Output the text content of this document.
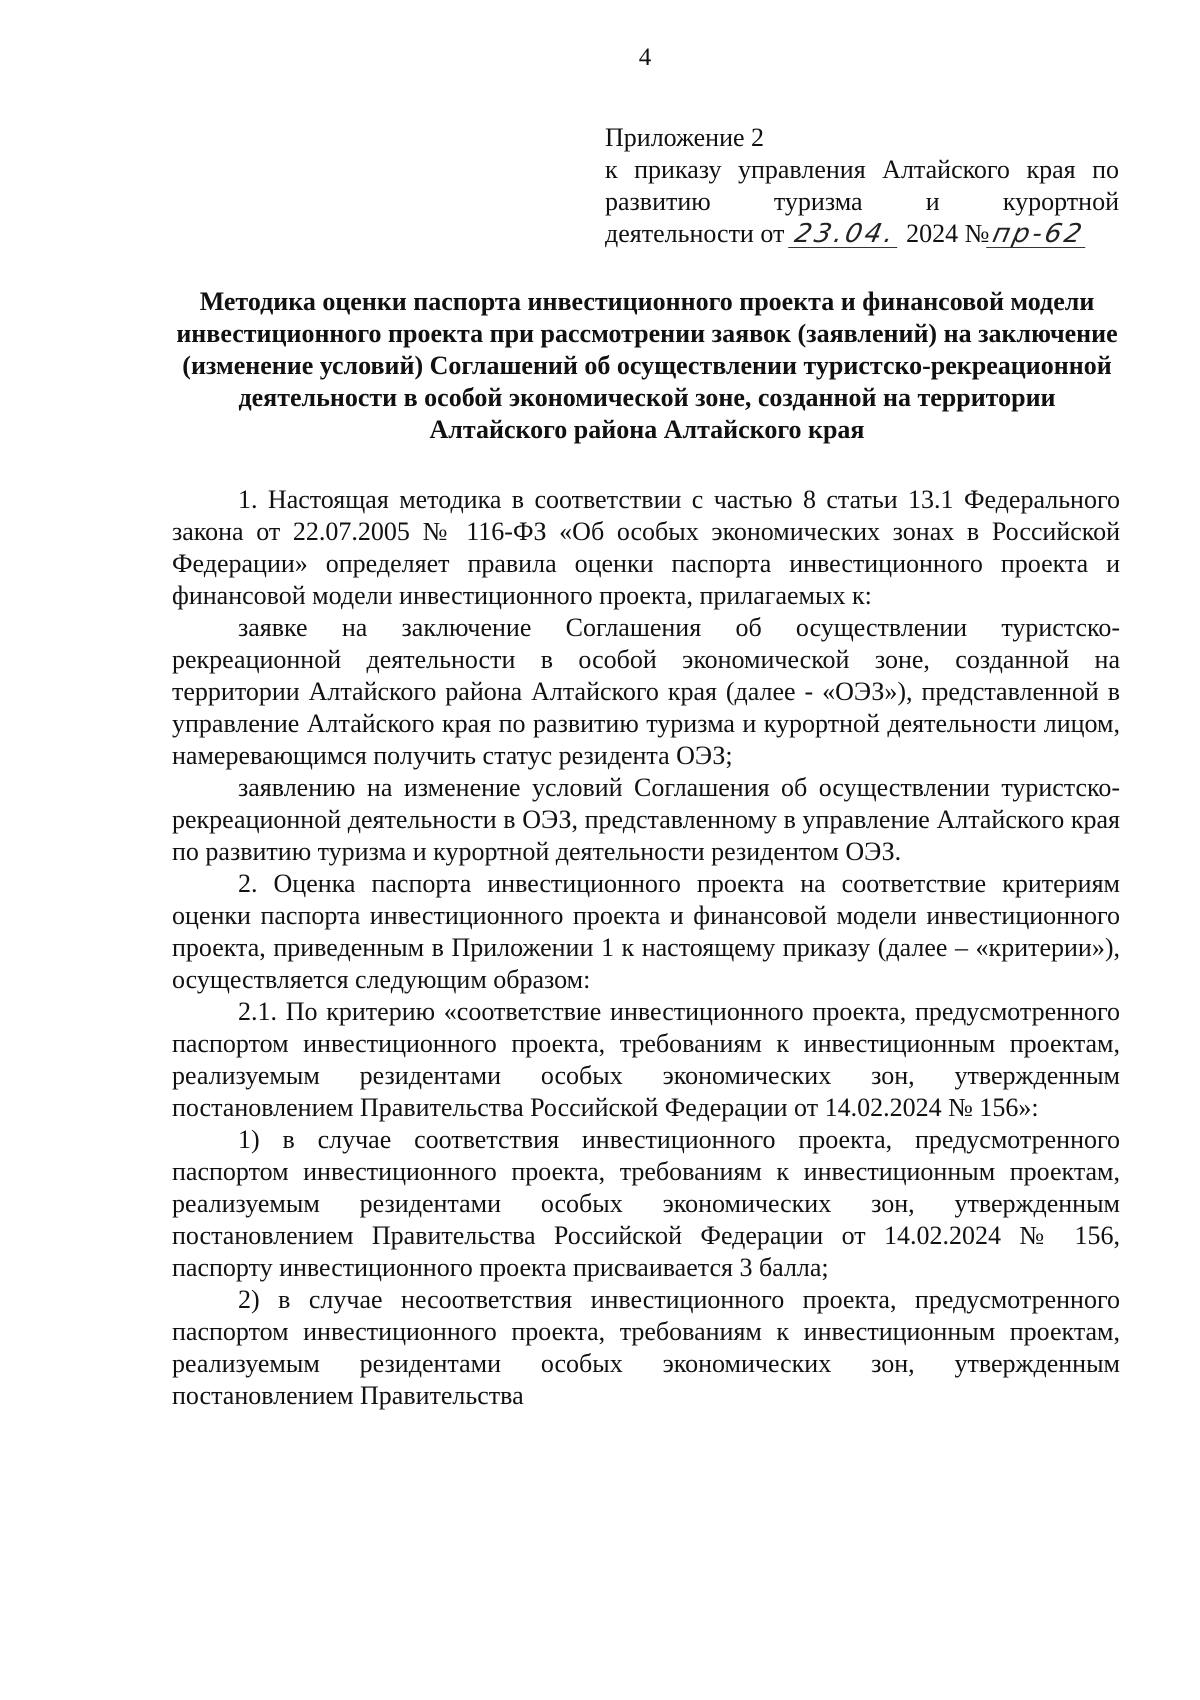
4
Приложение 2
к приказу управления Алтайского края по развитию туризма и курортной
деятельности от 23.04. 2024 №пр-62
Методика оценки паспорта инвестиционного проекта и финансовой модели инвестиционного проекта при рассмотрении заявок (заявлений) на заключение (изменение условий) Соглашений об осуществлении туристско-рекреационной деятельности в особой экономической зоне, созданной на территории Алтайского района Алтайского края

1. Настоящая методика в соответствии с частью 8 статьи 13.1 Федерального закона от 22.07.2005 № 116-ФЗ «Об особых экономических зонах в Российской Федерации» определяет правила оценки паспорта инвестиционного проекта и финансовой модели инвестиционного проекта, прилагаемых к:

заявке на заключение Соглашения об осуществлении туристско-рекреационной деятельности в особой экономической зоне, созданной на территории Алтайского района Алтайского края (далее - «ОЭЗ»), представленной в управление Алтайского края по развитию туризма и курортной деятельности лицом, намеревающимся получить статус резидента ОЭЗ;

заявлению на изменение условий Соглашения об осуществлении туристско-рекреационной деятельности в ОЭЗ, представленному в управление Алтайского края по развитию туризма и курортной деятельности резидентом ОЭЗ.

2. Оценка паспорта инвестиционного проекта на соответствие критериям оценки паспорта инвестиционного проекта и финансовой модели инвестиционного проекта, приведенным в Приложении 1 к настоящему приказу (далее – «критерии»), осуществляется следующим образом:

2.1. По критерию «соответствие инвестиционного проекта, предусмотренного паспортом инвестиционного проекта, требованиям к инвестиционным проектам, реализуемым резидентами особых экономических зон, утвержденным постановлением Правительства Российской Федерации от 14.02.2024 № 156»:

1) в случае соответствия инвестиционного проекта, предусмотренного паспортом инвестиционного проекта, требованиям к инвестиционным проектам, реализуемым резидентами особых экономических зон, утвержденным постановлением Правительства Российской Федерации от 14.02.2024 № 156, паспорту инвестиционного проекта присваивается 3 балла;

2) в случае несоответствия инвестиционного проекта, предусмотренного паспортом инвестиционного проекта, требованиям к инвестиционным проектам, реализуемым резидентами особых экономических зон, утвержденным постановлением Правительства
